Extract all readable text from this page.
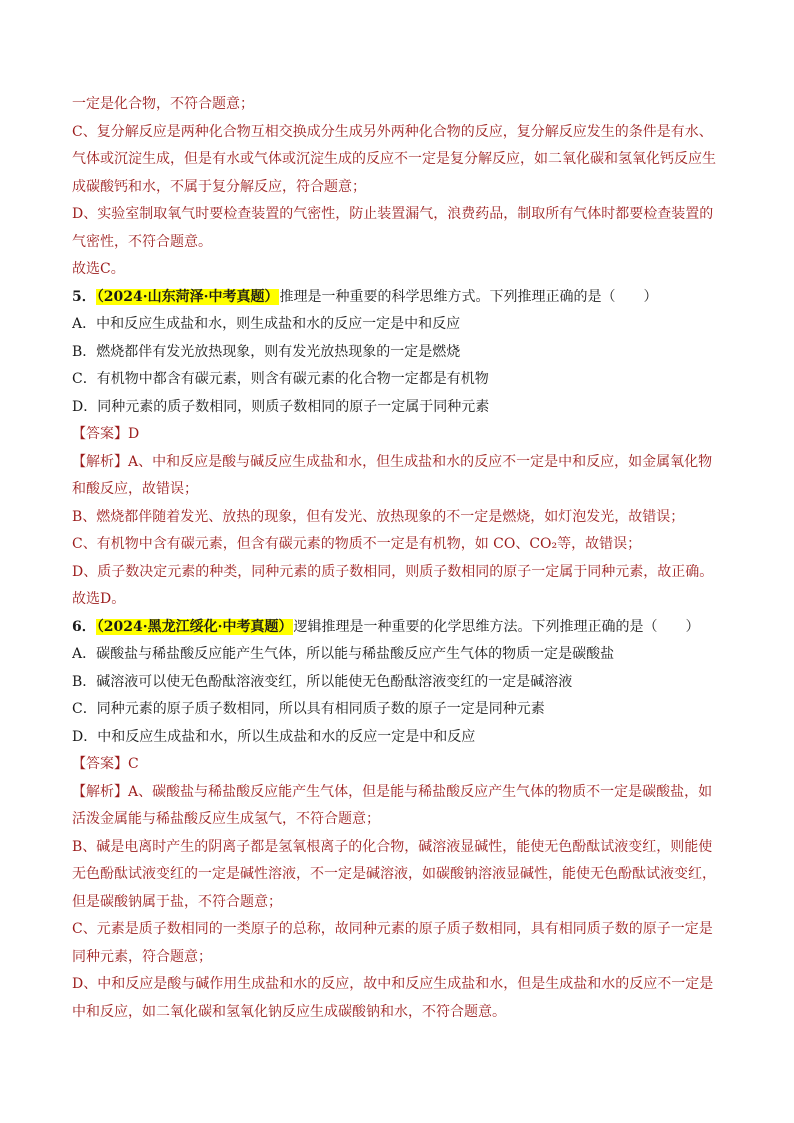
一定是化合物，不符合题意；
C、复分解反应是两种化合物互相交换成分生成另外两种化合物的反应，复分解反应发生的条件是有水、
气体或沉淀生成，但是有水或气体或沉淀生成的反应不一定是复分解反应，如二氧化碳和氢氧化钙反应生
成碳酸钙和水，不属于复分解反应，符合题意；
D、实验室制取氧气时要检查装置的气密性，防止装置漏气，浪费药品，制取所有气体时都要检查装置的
气密性，不符合题意。
故选C。
5．（2024·山东菏泽·中考真题）推理是一种重要的科学思维方式。下列推理正确的是（　　）
A．中和反应生成盐和水，则生成盐和水的反应一定是中和反应
B．燃烧都伴有发光放热现象，则有发光放热现象的一定是燃烧
C．有机物中都含有碳元素，则含有碳元素的化合物一定都是有机物
D．同种元素的质子数相同，则质子数相同的原子一定属于同种元素
【答案】D
【解析】A、中和反应是酸与碱反应生成盐和水，但生成盐和水的反应不一定是中和反应，如金属氧化物
和酸反应，故错误；
B、燃烧都伴随着发光、放热的现象，但有发光、放热现象的不一定是燃烧，如灯泡发光，故错误；
C、有机物中含有碳元素，但含有碳元素的物质不一定是有机物，如 CO、CO₂等，故错误；
D、质子数决定元素的种类，同种元素的质子数相同，则质子数相同的原子一定属于同种元素，故正确。
故选D。
6．（2024·黑龙江绥化·中考真题）逻辑推理是一种重要的化学思维方法。下列推理正确的是（　　）
A．碳酸盐与稀盐酸反应能产生气体，所以能与稀盐酸反应产生气体的物质一定是碳酸盐
B．碱溶液可以使无色酚酞溶液变红，所以能使无色酚酞溶液变红的一定是碱溶液
C．同种元素的原子质子数相同，所以具有相同质子数的原子一定是同种元素
D．中和反应生成盐和水，所以生成盐和水的反应一定是中和反应
【答案】C
【解析】A、碳酸盐与稀盐酸反应能产生气体，但是能与稀盐酸反应产生气体的物质不一定是碳酸盐，如
活泼金属能与稀盐酸反应生成氢气，不符合题意；
B、碱是电离时产生的阴离子都是氢氧根离子的化合物，碱溶液显碱性，能使无色酚酞试液变红，则能使
无色酚酞试液变红的一定是碱性溶液，不一定是碱溶液，如碳酸钠溶液显碱性，能使无色酚酞试液变红，
但是碳酸钠属于盐，不符合题意；
C、元素是质子数相同的一类原子的总称，故同种元素的原子质子数相同，具有相同质子数的原子一定是
同种元素，符合题意；
D、中和反应是酸与碱作用生成盐和水的反应，故中和反应生成盐和水，但是生成盐和水的反应不一定是
中和反应，如二氧化碳和氢氧化钠反应生成碳酸钠和水，不符合题意。
